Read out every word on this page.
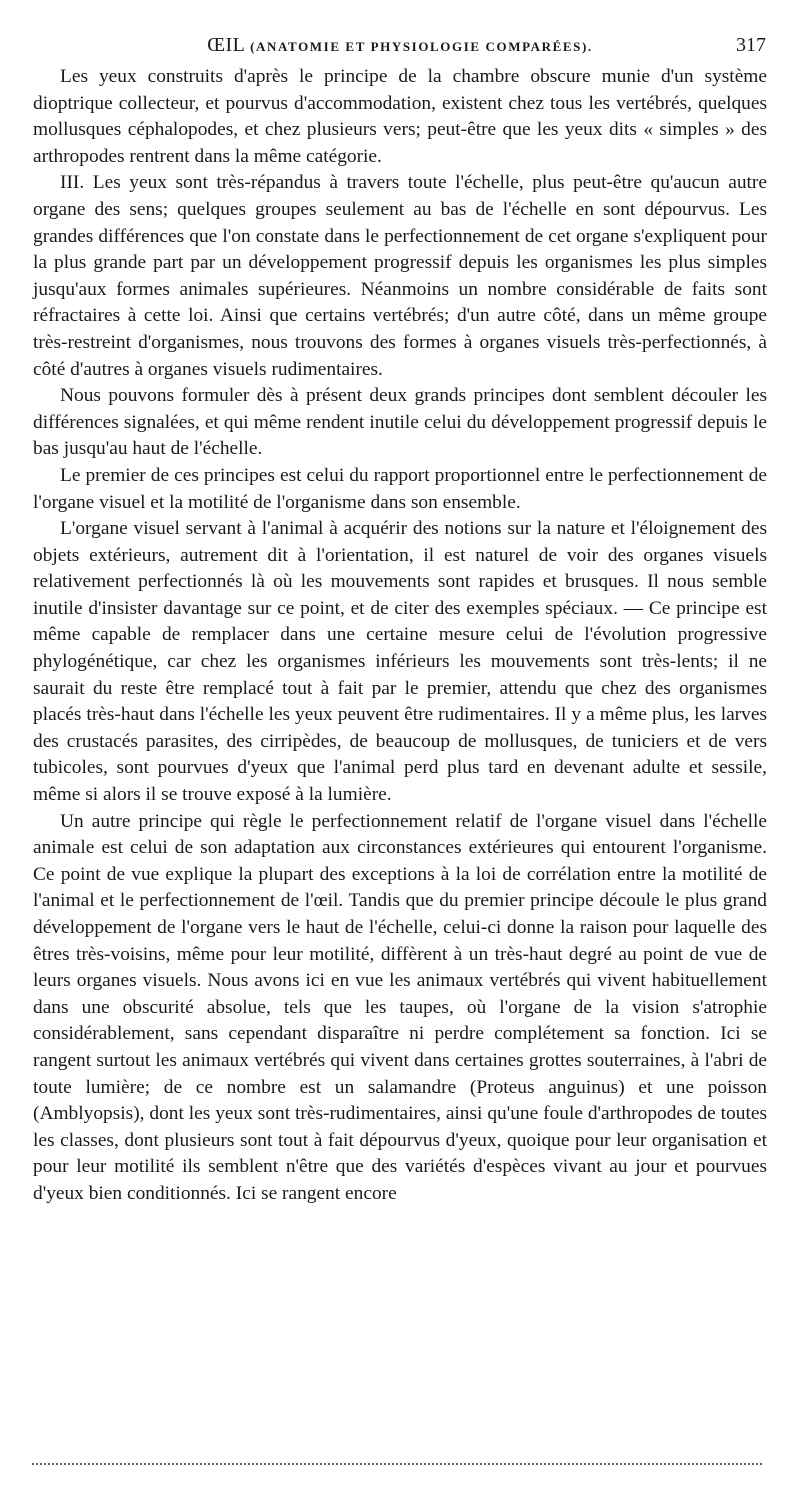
ŒIL (ANATOMIE ET PHYSIOLOGIE COMPARÉES).	317

Les yeux construits d'après le principe de la chambre obscure munie d'un système dioptrique collecteur, et pourvus d'accommodation, existent chez tous les vertébrés, quelques mollusques céphalopodes, et chez plusieurs vers; peut-être que les yeux dits « simples » des arthropodes rentrent dans la même catégorie.

III. Les yeux sont très-répandus à travers toute l'échelle, plus peut-être qu'aucun autre organe des sens; quelques groupes seulement au bas de l'échelle en sont dépourvus. Les grandes différences que l'on constate dans le perfectionnement de cet organe s'expliquent pour la plus grande part par un développement progressif depuis les organismes les plus simples jusqu'aux formes animales supérieures. Néanmoins un nombre considérable de faits sont réfractaires à cette loi. Ainsi que certains vertébrés; d'un autre côté, dans un même groupe très-restreint d'organismes, nous trouvons des formes à organes visuels très-perfectionnés, à côté d'autres à organes visuels rudimentaires.

Nous pouvons formuler dès à présent deux grands principes dont semblent découler les différences signalées, et qui même rendent inutile celui du développement progressif depuis le bas jusqu'au haut de l'échelle.

Le premier de ces principes est celui du rapport proportionnel entre le perfectionnement de l'organe visuel et la motilité de l'organisme dans son ensemble.

L'organe visuel servant à l'animal à acquérir des notions sur la nature et l'éloignement des objets extérieurs, autrement dit à l'orientation, il est naturel de voir des organes visuels relativement perfectionnés là où les mouvements sont rapides et brusques. Il nous semble inutile d'insister davantage sur ce point, et de citer des exemples spéciaux. — Ce principe est même capable de remplacer dans une certaine mesure celui de l'évolution progressive phylogénétique, car chez les organismes inférieurs les mouvements sont très-lents; il ne saurait du reste être remplacé tout à fait par le premier, attendu que chez des organismes placés très-haut dans l'échelle les yeux peuvent être rudimentaires. Il y a même plus, les larves des crustacés parasites, des cirripèdes, de beaucoup de mollusques, de tuniciers et de vers tubicoles, sont pourvues d'yeux que l'animal perd plus tard en devenant adulte et sessile, même si alors il se trouve exposé à la lumière.

Un autre principe qui règle le perfectionnement relatif de l'organe visuel dans l'échelle animale est celui de son adaptation aux circonstances extérieures qui entourent l'organisme. Ce point de vue explique la plupart des exceptions à la loi de corrélation entre la motilité de l'animal et le perfectionnement de l'œil. Tandis que du premier principe découle le plus grand développement de l'organe vers le haut de l'échelle, celui-ci donne la raison pour laquelle des êtres très-voisins, même pour leur motilité, diffèrent à un très-haut degré au point de vue de leurs organes visuels. Nous avons ici en vue les animaux vertébrés qui vivent habituellement dans une obscurité absolue, tels que les taupes, où l'organe de la vision s'atrophie considérablement, sans cependant disparaître ni perdre complétement sa fonction. Ici se rangent surtout les animaux vertébrés qui vivent dans certaines grottes souterraines, à l'abri de toute lumière; de ce nombre est un salamandre (Proteus anguinus) et une poisson (Amblyopsis), dont les yeux sont très-rudimentaires, ainsi qu'une foule d'arthropodes de toutes les classes, dont plusieurs sont tout à fait dépourvus d'yeux, quoique pour leur organisation et pour leur motilité ils semblent n'être que des variétés d'espèces vivant au jour et pourvues d'yeux bien conditionnés. Ici se rangent encore
